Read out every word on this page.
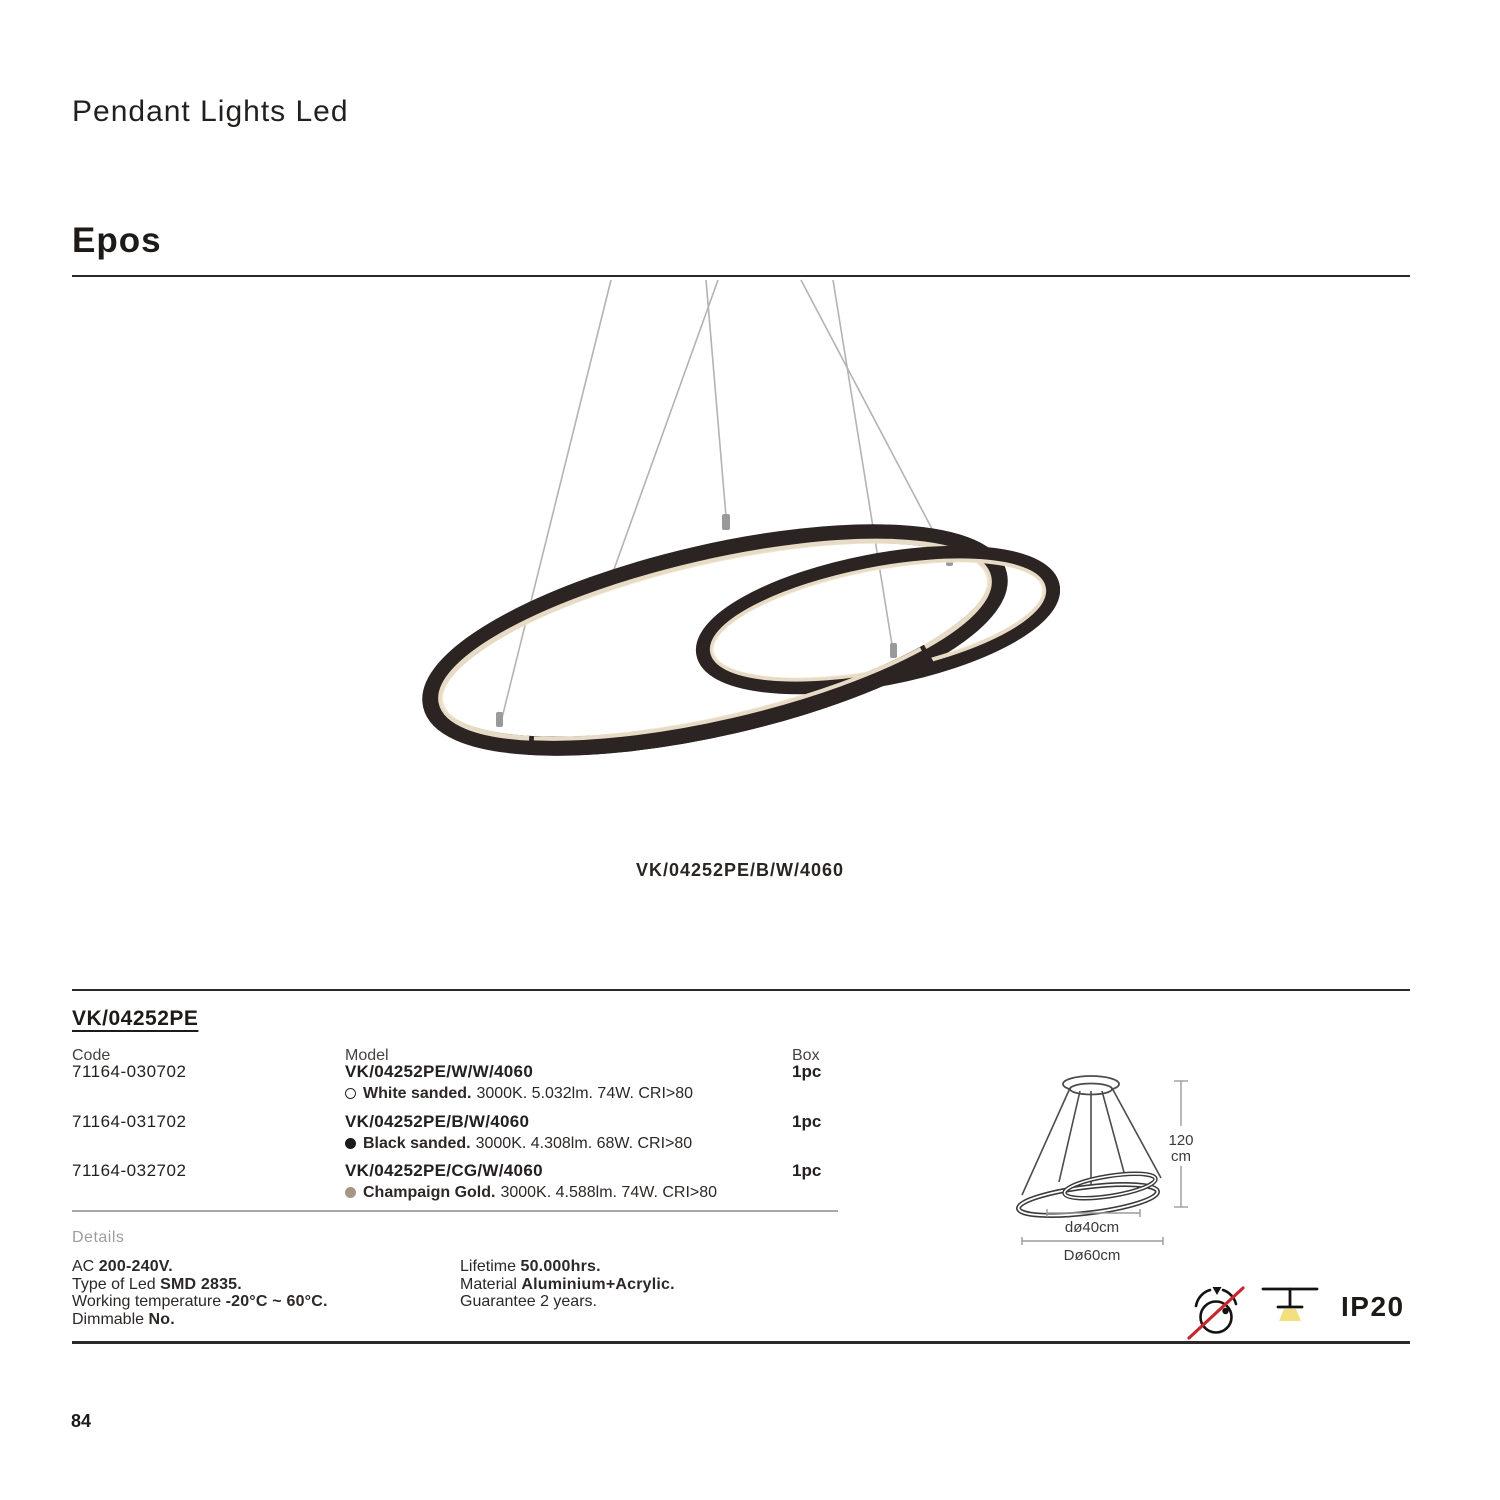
Pendant Lights Led
Epos
VK/04252PE/B/W/4060
VK/04252PE
Code	Model	Box
71164-030702	VK/04252PE/W/W/4060
White sanded. 3000K. 5.032lm. 74W. CRI>80
1pc
71164-031702	VK/04252PE/B/W/4060
Black sanded. 3000K. 4.308lm. 68W. CRI>80
1pc
71164-032702	VK/04252PE/CG/W/4060
Champaign Gold. 3000K. 4.588lm. 74W. CRI>80
1pc
Details
AC 200-240V.
Type of Led SMD 2835.
Working temperature -20°C ~ 60°C.
Dimmable No.
Lifetime 50.000hrs.
Material Aluminium+Acrylic.
Guarantee 2 years.
120
cm
dø40cm
Dø60cm
IP20
84
